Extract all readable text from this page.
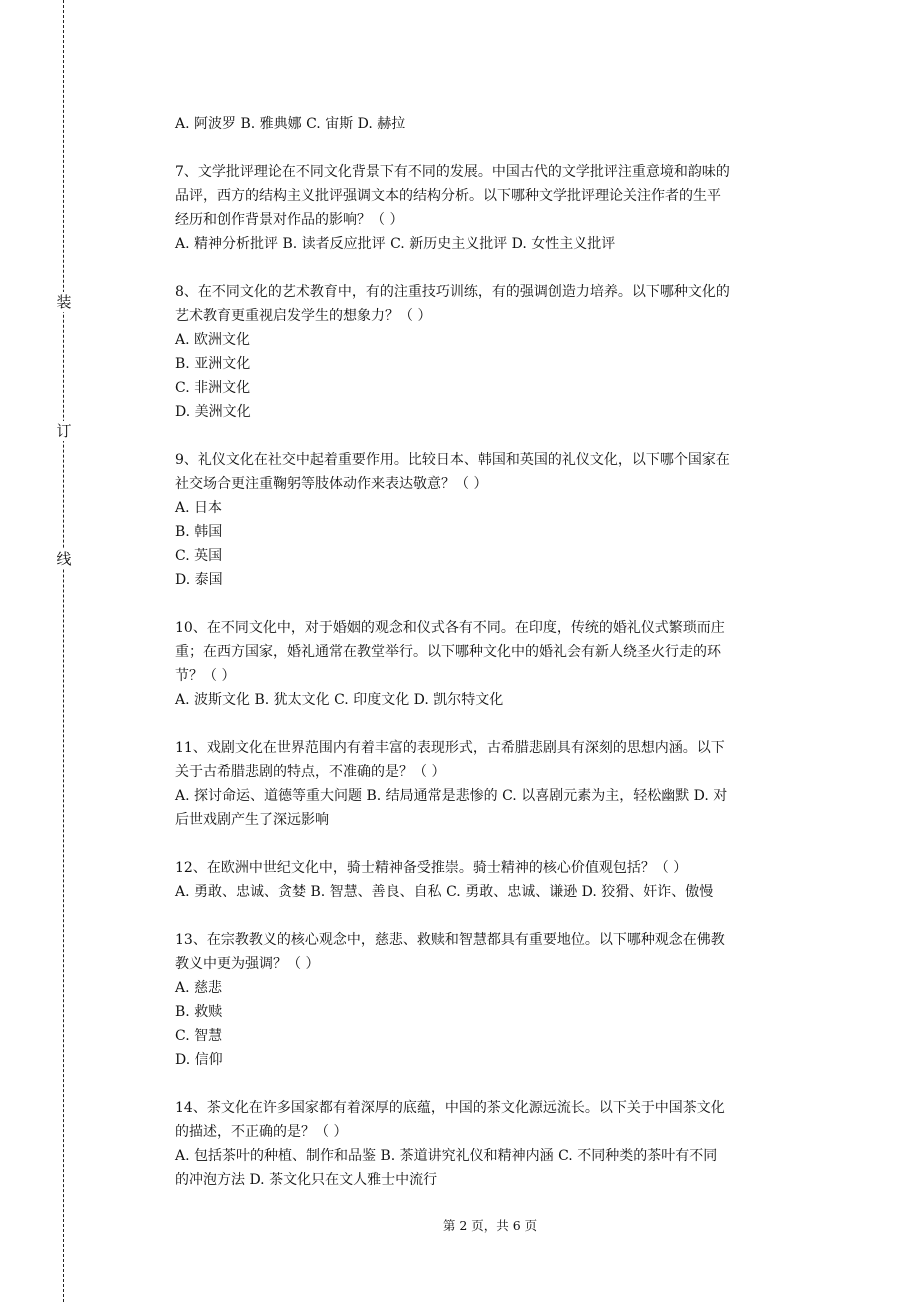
装
订
线
A. 阿波罗 B. 雅典娜 C. 宙斯 D. 赫拉
7、文学批评理论在不同文化背景下有不同的发展。中国古代的文学批评注重意境和韵味的
品评，西方的结构主义批评强调文本的结构分析。以下哪种文学批评理论关注作者的生平
经历和创作背景对作品的影响？（ ）
A. 精神分析批评 B. 读者反应批评 C. 新历史主义批评 D. 女性主义批评
8、在不同文化的艺术教育中，有的注重技巧训练，有的强调创造力培养。以下哪种文化的
艺术教育更重视启发学生的想象力？（ ）
A. 欧洲文化
B. 亚洲文化
C. 非洲文化
D. 美洲文化
9、礼仪文化在社交中起着重要作用。比较日本、韩国和英国的礼仪文化，以下哪个国家在
社交场合更注重鞠躬等肢体动作来表达敬意？（ ）
A. 日本
B. 韩国
C. 英国
D. 泰国
10、在不同文化中，对于婚姻的观念和仪式各有不同。在印度，传统的婚礼仪式繁琐而庄
重；在西方国家，婚礼通常在教堂举行。以下哪种文化中的婚礼会有新人绕圣火行走的环
节？（ ）
A. 波斯文化 B. 犹太文化 C. 印度文化 D. 凯尔特文化
11、戏剧文化在世界范围内有着丰富的表现形式，古希腊悲剧具有深刻的思想内涵。以下
关于古希腊悲剧的特点，不准确的是？（ ）
A. 探讨命运、道德等重大问题 B. 结局通常是悲惨的 C. 以喜剧元素为主，轻松幽默 D. 对
后世戏剧产生了深远影响
12、在欧洲中世纪文化中，骑士精神备受推崇。骑士精神的核心价值观包括？（ ）
A. 勇敢、忠诚、贪婪 B. 智慧、善良、自私 C. 勇敢、忠诚、谦逊 D. 狡猾、奸诈、傲慢
13、在宗教教义的核心观念中，慈悲、救赎和智慧都具有重要地位。以下哪种观念在佛教
教义中更为强调？（ ）
A. 慈悲
B. 救赎
C. 智慧
D. 信仰
14、茶文化在许多国家都有着深厚的底蕴，中国的茶文化源远流长。以下关于中国茶文化
的描述，不正确的是？（ ）
A. 包括茶叶的种植、制作和品鉴 B. 茶道讲究礼仪和精神内涵 C. 不同种类的茶叶有不同
的冲泡方法 D. 茶文化只在文人雅士中流行
第 2 页，共 6 页
